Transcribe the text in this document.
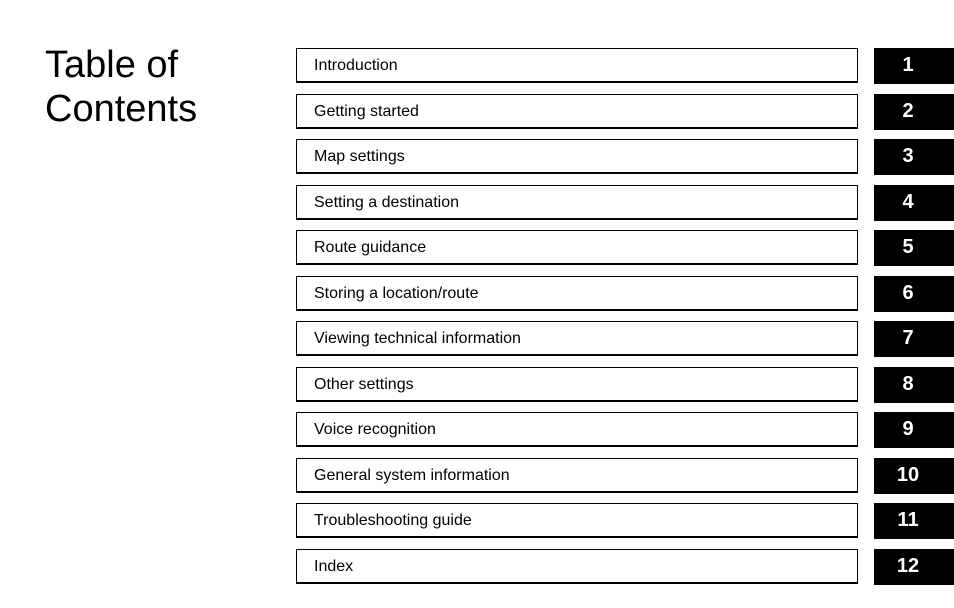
Table of
Contents
Introduction	1
Getting started	2
Map settings	3
Setting a destination	4
Route guidance	5
Storing a location/route	6
Viewing technical information	7
Other settings	8
Voice recognition	9
General system information	10
Troubleshooting guide	11
Index	12
